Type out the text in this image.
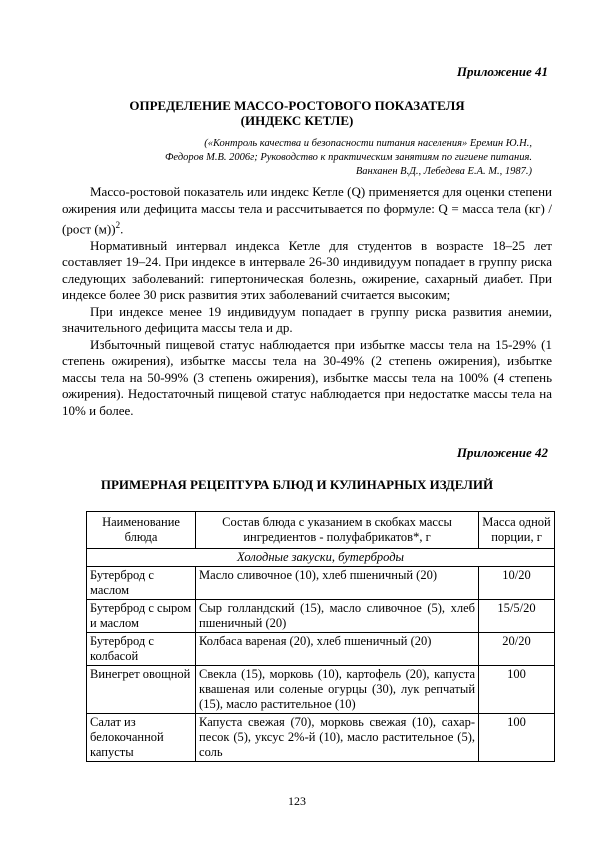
Приложение 41
ОПРЕДЕЛЕНИЕ МАССО-РОСТОВОГО ПОКАЗАТЕЛЯ
(ИНДЕКС КЕТЛЕ)
(«Контроль качества и безопасности питания населения» Еремин Ю.Н.,
Федоров М.В. 2006г; Руководство к практическим занятиям по гигиене питания.
Ванханен В.Д., Лебедева Е.А. М., 1987.)

Массо-ростовой показатель или индекс Кетле (Q) применяется для оценки степени ожирения или дефицита массы тела и рассчитывается по формуле: Q = масса тела (кг) / (рост (м))$^2$.

Нормативный интервал индекса Кетле для студентов в возрасте 18–25 лет составляет 19–24. При индексе в интервале 26-30 индивидуум попадает в группу риска следующих заболеваний: гипертоническая болезнь, ожирение, сахарный диабет. При индексе более 30 риск развития этих заболеваний считается высоким;

При индексе менее 19 индивидуум попадает в группу риска развития анемии, значительного дефицита массы тела и др.

Избыточный пищевой статус наблюдается при избытке массы тела на 15-29% (1 степень ожирения), избытке массы тела на 30-49% (2 степень ожирения), избытке массы тела на 50-99% (3 степень ожирения), избытке массы тела на 100% (4 степень ожирения). Недостаточный пищевой статус наблюдается при недостатке массы тела на 10% и более.

Приложение 42
ПРИМЕРНАЯ РЕЦЕПТУРА БЛЮД И КУЛИНАРНЫХ ИЗДЕЛИЙ
Наименование блюда	Состав блюда с указанием в скобках массы ингредиентов - полуфабрикатов*, г	Масса одной порции, г
Холодные закуски, бутерброды		
Бутерброд с маслом	Масло сливочное (10), хлеб пшеничный (20)	10/20
Бутерброд с сыром и маслом	Сыр голландский (15), масло сливочное (5), хлеб пшеничный (20)	15/5/20
Бутерброд с колбасой	Колбаса вареная (20), хлеб пшеничный (20)	20/20
Винегрет овощной	Свекла (15), морковь (10), картофель (20), капуста квашеная или соленые огурцы (30), лук репчатый (15), масло растительное (10)	100
Салат из белокочанной капусты	Капуста свежая (70), морковь свежая (10), сахар-песок (5), уксус 2%-й (10), масло растительное (5), соль	100
123
